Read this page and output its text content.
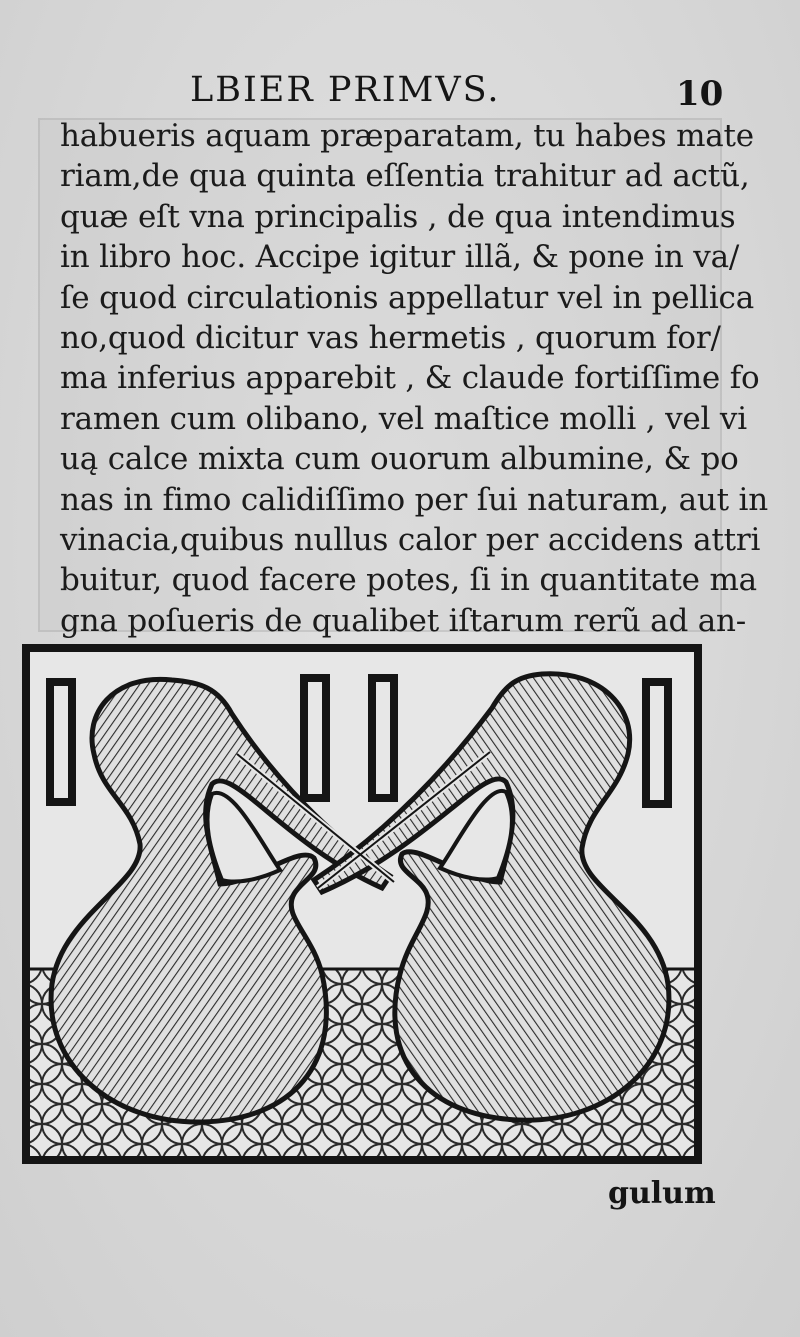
LBIER PRIMVS.	10
habueris aquam præparatam, tu habes mate
riam,de qua quinta eſſentia trahitur ad actũ,
quæ eſt vna principalis , de qua intendimus
in libro hoc. Accipe igitur illã, & pone in va/
ſe quod circulationis appellatur vel in pellica
no,quod dicitur vas hermetis , quorum for/
ma inferius apparebit , & claude fortiſſime fo
ramen cum olibano, vel maſtice molli , vel vi
uą calce mixta cum ouorum albumine, & po
nas in fimo calidiſſimo per ſui naturam, aut in
vinacia,quibus nullus calor per accidens attri
buitur, quod facere potes, ſi in quantitate ma
gna poſueris de qualibet iſtarum rerũ ad an-
gulum
